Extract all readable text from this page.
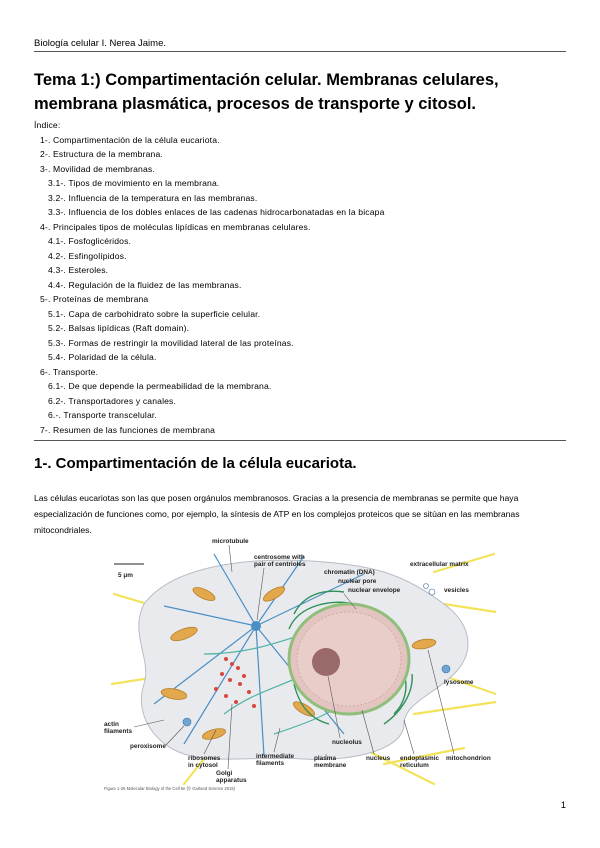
Biología celular I. Nerea Jaime.
Tema 1:) Compartimentación celular. Membranas celulares, membrana plasmática, procesos de transporte y citosol.
Índice:
1-. Compartimentación de la célula eucariota.
2-. Estructura de la membrana.
3-. Movilidad de membranas.
3.1-. Tipos de movimiento en la membrana.
3.2-. Influencia de la temperatura en las membranas.
3.3-. Influencia de los dobles enlaces de las cadenas hidrocarbonatadas en la bicapa
4-. Principales tipos de moléculas lipídicas en membranas celulares.
4.1-. Fosfoglicéridos.
4.2-. Esfingolípidos.
4.3-. Esteroles.
4.4-. Regulación de la fluidez de las membranas.
5-. Proteínas de membrana
5.1-. Capa de carbohidrato sobre la superficie celular.
5.2-. Balsas lipídicas (Raft domain).
5.3-. Formas de restringir la movilidad lateral de las proteínas.
5.4-. Polaridad de la célula.
6-. Transporte.
6.1-. De que depende la permeabilidad de la membrana.
6.2-. Transportadores y canales.
6.-. Transporte transcelular.
7-. Resumen de las funciones de membrana
1-. Compartimentación de la célula eucariota.
Las células eucariotas son las que posen orgánulos membranosos. Gracias a la presencia de membranas se permite que haya especialización de funciones como, por ejemplo, la síntesis de ATP en los complejos proteicos que se sitúan en las membranas mitocondriales.
5 μm
microtubule
centrosome with
pair of centrioles
chromatin (DNA)
nuclear pore
nuclear envelope
extracellular matrix
vesicles
lysosome
actin
filaments
peroxisome
ribosomes
in cytosol
Golgi
apparatus
intermediate
filaments
plasma
membrane
nucleolus
nucleus endoplasmic
reticulum
mitochondrion
Figure 1-25 Molecular Biology of the Cell 6e (© Garland Science 2015)
1
